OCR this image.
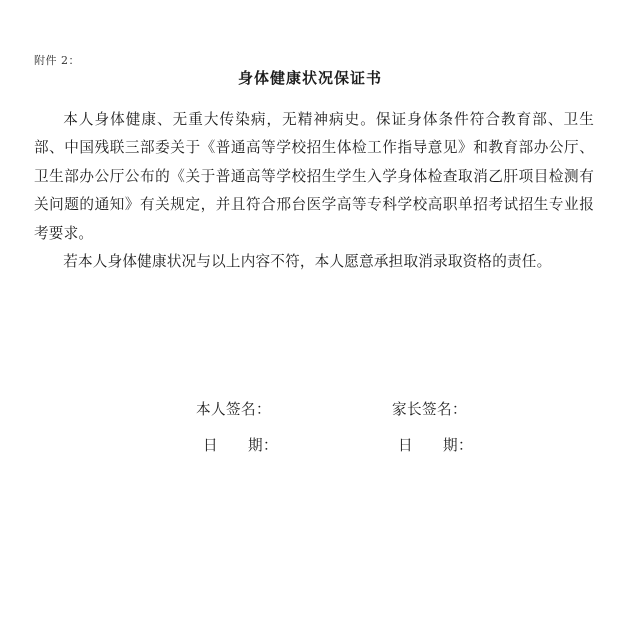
附件 2：
身体健康状况保证书

本人身体健康、无重大传染病，无精神病史。保证身体条件符合教育部、卫生部、中国残联三部委关于《普通高等学校招生体检工作指导意见》和教育部办公厅、卫生部办公厅公布的《关于普通高等学校招生学生入学身体检查取消乙肝项目检测有关问题的通知》有关规定，并且符合邢台医学高等专科学校高职单招考试招生专业报考要求。

若本人身体健康状况与以上内容不符，本人愿意承担取消录取资格的责任。

本人签名：	家长签名：
日 期：	日 期：
